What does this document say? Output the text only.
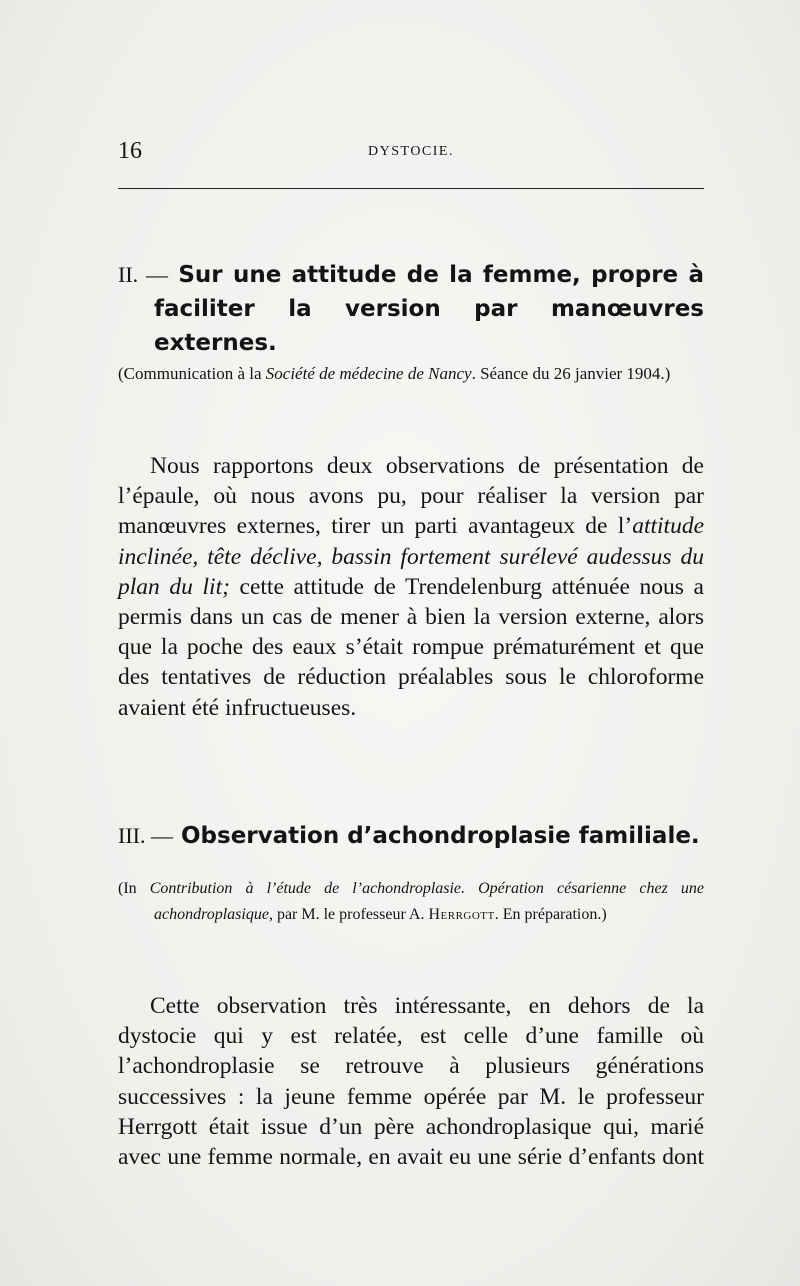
16	DYSTOCIE.
II. — Sur une attitude de la femme, propre à faciliter la version par manœuvres externes.
(Communication à la Société de médecine de Nancy. Séance du 26 janvier 1904.)
Nous rapportons deux observations de présentation de l’épaule, où nous avons pu, pour réaliser la version par manœuvres externes, tirer un parti avantageux de l’attitude inclinée, tête déclive, bassin fortement surélevé audessus du plan du lit; cette attitude de Trendelenburg atténuée nous a permis dans un cas de mener à bien la version externe, alors que la poche des eaux s’était rompue prématurément et que des tentatives de réduction préalables sous le chloroforme avaient été infructueuses.
III. — Observation d’achondroplasie familiale.
(In Contribution à l’étude de l’achondroplasie. Opération césarienne chez une achondroplasique, par M. le professeur A. Herrgott. En préparation.)
Cette observation très intéressante, en dehors de la dystocie qui y est relatée, est celle d’une famille où l’achondroplasie se retrouve à plusieurs générations successives : la jeune femme opérée par M. le professeur Herrgott était issue d’un père achondroplasique qui, marié avec une femme normale, en avait eu une série d’enfants dont
